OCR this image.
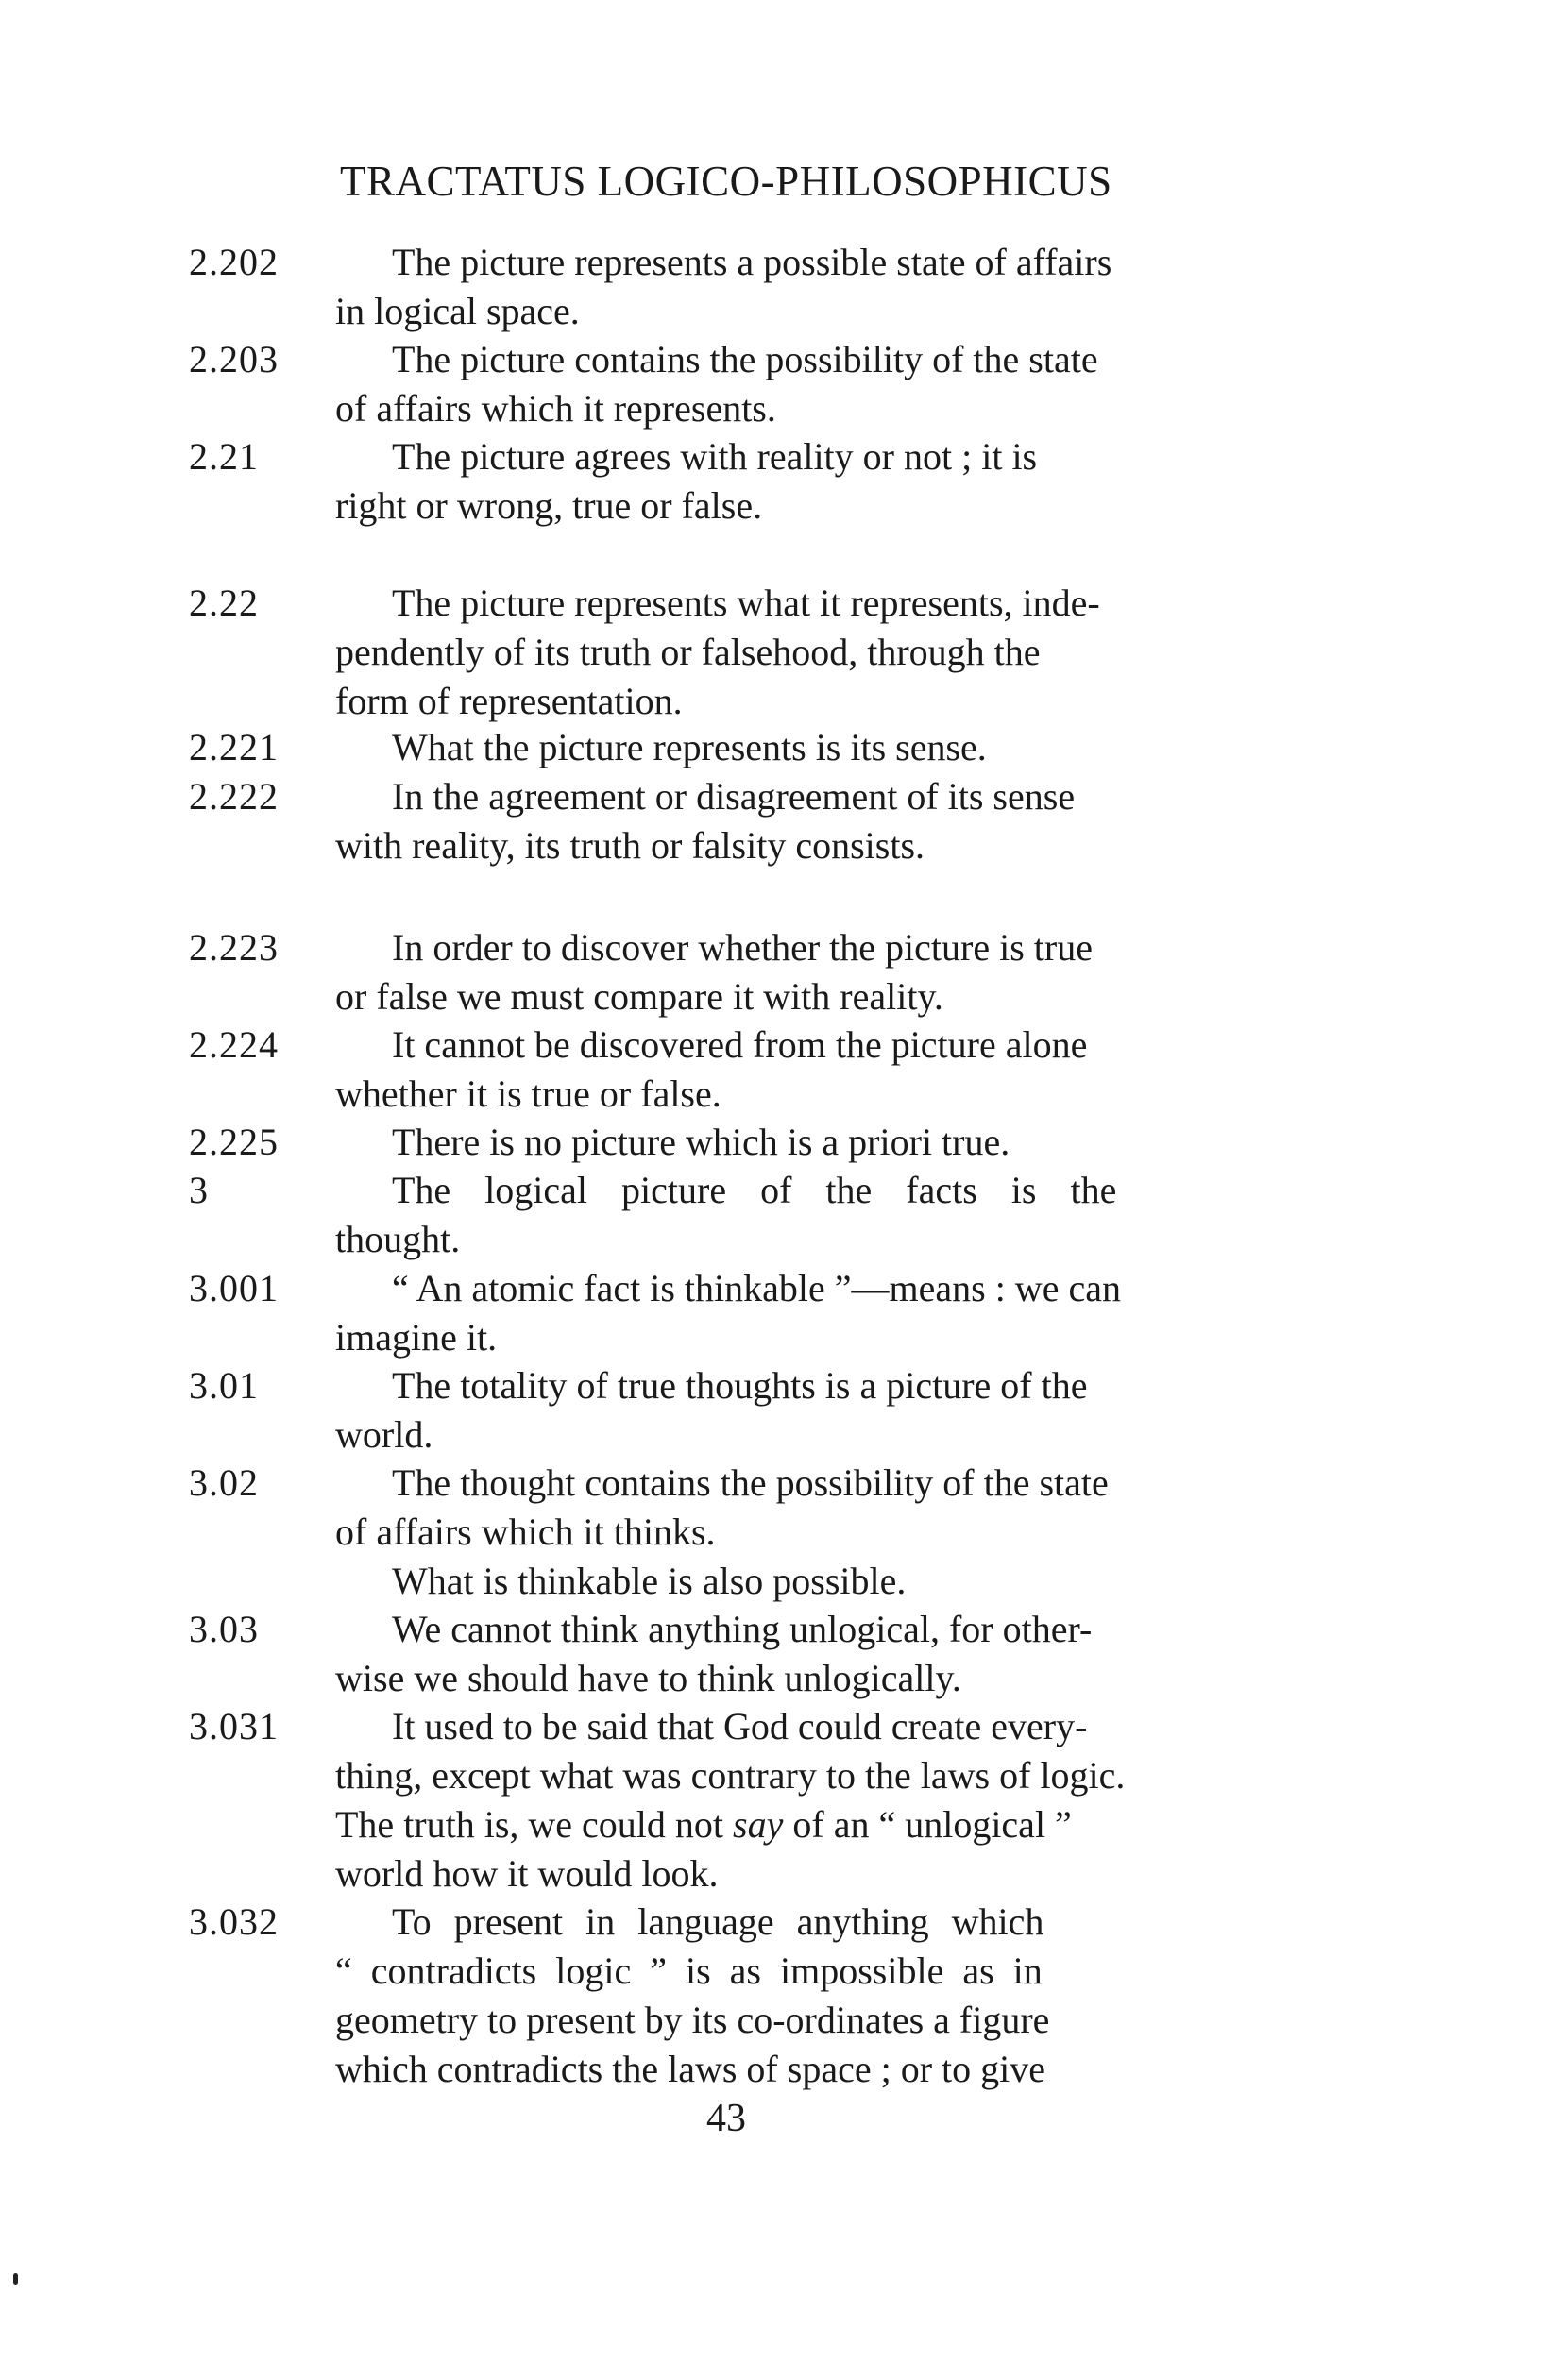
TRACTATUS LOGICO-PHILOSOPHICUS
2.202	The picture represents a possible state of affairs
in logical space.
2.203	The picture contains the possibility of the state
of affairs which it represents.
2.21	The picture agrees with reality or not ; it is
right or wrong, true or false.
2.22	The picture represents what it represents, inde-
pendently of its truth or falsehood, through the
form of representation.
2.221	What the picture represents is its sense.
2.222	In the agreement or disagreement of its sense
with reality, its truth or falsity consists.
2.223	In order to discover whether the picture is true
or false we must compare it with reality.
2.224	It cannot be discovered from the picture alone
whether it is true or false.
2.225	There is no picture which is a priori true.
3	The logical picture of the facts is the
thought.
3.001	“ An atomic fact is thinkable ”—means : we can
imagine it.
3.01	The totality of true thoughts is a picture of the
world.
3.02	The thought contains the possibility of the state
of affairs which it thinks.
What is thinkable is also possible.
3.03	We cannot think anything unlogical, for other-
wise we should have to think unlogically.
3.031	It used to be said that God could create every-
thing, except what was contrary to the laws of logic.
The truth is, we could not say of an “ unlogical ”
world how it would look.
3.032	To present in language anything which
“ contradicts logic ” is as impossible as in
geometry to present by its co-ordinates a figure
which contradicts the laws of space ; or to give
43
